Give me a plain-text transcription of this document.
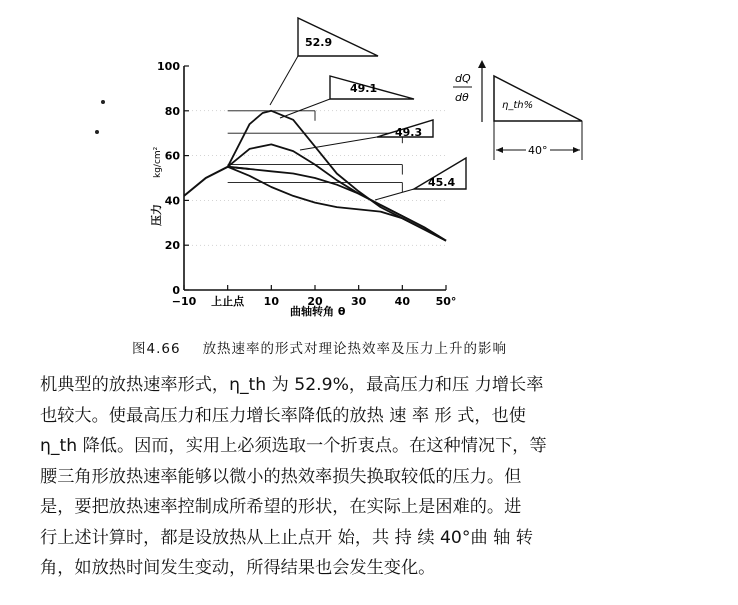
0
20
40
60
80
100
−10 上止点 10	20	30	40 50°
压力
kg/cm²
曲轴转角 θ
52.9
49.1
49.3
45.4
dQ
dθ
η_th%
40°
图4.66 放热速率的形式对理论热效率及压力上升的影响

机典型的放热速率形式，η_th 为 52.9%，最高压力和压 力增长率

也较大。使最高压力和压力增长率降低的放热 速 率 形 式，也使

η_th 降低。因而，实用上必须选取一个折衷点。在这种情况下，等

腰三角形放热速率能够以微小的热效率损失换取较低的压力。但

是，要把放热速率控制成所希望的形状，在实际上是困难的。进

行上述计算时，都是设放热从上止点开 始，共 持 续 40°曲 轴 转

角，如放热时间发生变动，所得结果也会发生变化。
